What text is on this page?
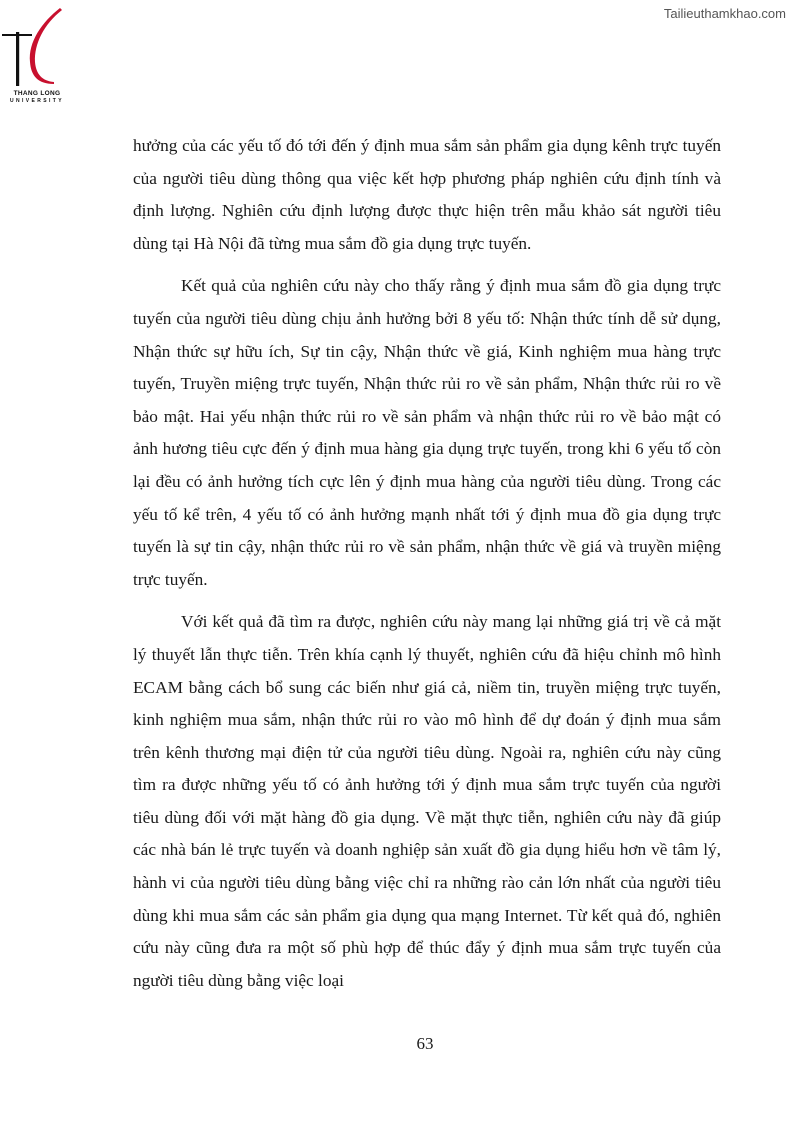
THANG LONG
UNIVERSITY
Tailieuthamkhao.com

hưởng của các yếu tố đó tới đến ý định mua sắm sản phẩm gia dụng kênh trực tuyến của người tiêu dùng thông qua việc kết hợp phương pháp nghiên cứu định tính và định lượng. Nghiên cứu định lượng được thực hiện trên mẫu khảo sát người tiêu dùng tại Hà Nội đã từng mua sắm đồ gia dụng trực tuyến.

Kết quả của nghiên cứu này cho thấy rằng ý định mua sắm đồ gia dụng trực tuyến của người tiêu dùng chịu ảnh hưởng bởi 8 yếu tố: Nhận thức tính dễ sử dụng, Nhận thức sự hữu ích, Sự tin cậy, Nhận thức về giá, Kinh nghiệm mua hàng trực tuyến, Truyền miệng trực tuyến, Nhận thức rủi ro về sản phẩm, Nhận thức rủi ro về bảo mật. Hai yếu nhận thức rủi ro về sản phẩm và nhận thức rủi ro về bảo mật có ảnh hương tiêu cực đến ý định mua hàng gia dụng trực tuyến, trong khi 6 yếu tố còn lại đều có ảnh hưởng tích cực lên ý định mua hàng của người tiêu dùng. Trong các yếu tố kể trên, 4 yếu tố có ảnh hưởng mạnh nhất tới ý định mua đồ gia dụng trực tuyến là sự tin cậy, nhận thức rủi ro về sản phẩm, nhận thức về giá và truyền miệng trực tuyến.

Với kết quả đã tìm ra được, nghiên cứu này mang lại những giá trị về cả mặt lý thuyết lẫn thực tiễn. Trên khía cạnh lý thuyết, nghiên cứu đã hiệu chỉnh mô hình ECAM bằng cách bổ sung các biến như giá cả, niềm tin, truyền miệng trực tuyến, kinh nghiệm mua sắm, nhận thức rủi ro vào mô hình để dự đoán ý định mua sắm trên kênh thương mại điện tử của người tiêu dùng. Ngoài ra, nghiên cứu này cũng tìm ra được những yếu tố có ảnh hưởng tới ý định mua sắm trực tuyến của người tiêu dùng đối với mặt hàng đồ gia dụng. Về mặt thực tiễn, nghiên cứu này đã giúp các nhà bán lẻ trực tuyến và doanh nghiệp sản xuất đồ gia dụng hiểu hơn về tâm lý, hành vi của người tiêu dùng bằng việc chỉ ra những rào cản lớn nhất của người tiêu dùng khi mua sắm các sản phẩm gia dụng qua mạng Internet. Từ kết quả đó, nghiên cứu này cũng đưa ra một số phù hợp để thúc đẩy ý định mua sắm trực tuyến của người tiêu dùng bằng việc loại

63
